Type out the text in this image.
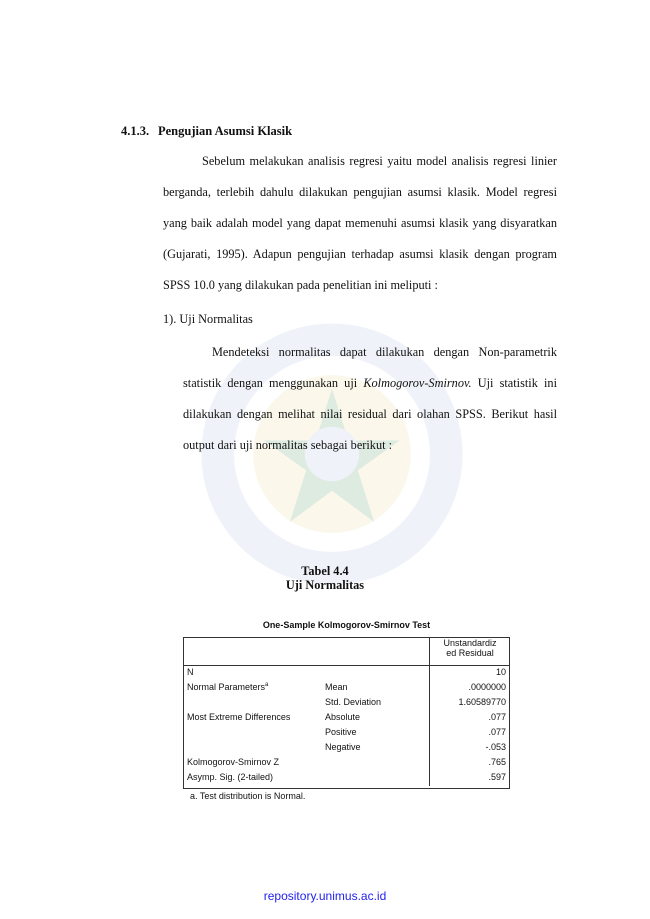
4.1.3. Pengujian Asumsi Klasik

Sebelum melakukan analisis regresi yaitu model analisis regresi linier berganda, terlebih dahulu dilakukan pengujian asumsi klasik. Model regresi yang baik adalah model yang dapat memenuhi asumsi klasik yang disyaratkan (Gujarati, 1995). Adapun pengujian terhadap asumsi klasik dengan program SPSS 10.0 yang dilakukan pada penelitian ini meliputi :

1). Uji Normalitas

Mendeteksi normalitas dapat dilakukan dengan Non-parametrik statistik dengan menggunakan uji Kolmogorov-Smirnov. Uji statistik ini dilakukan dengan melihat nilai residual dari olahan SPSS. Berikut hasil output dari uji normalitas sebagai berikut :

Tabel 4.4
Uji Normalitas
One-Sample Kolmogorov-Smirnov Test
		Unstandardiz
ed Residual
N		10
Normal Parameters$^a$	Mean	.0000000
	Std. Deviation	1.60589770
Most Extreme Differences	Absolute	.077
	Positive	.077
	Negative	-.053
Kolmogorov-Smirnov Z		.765
Asymp. Sig. (2-tailed)		.597
a. Test distribution is Normal.
repository.unimus.ac.id
